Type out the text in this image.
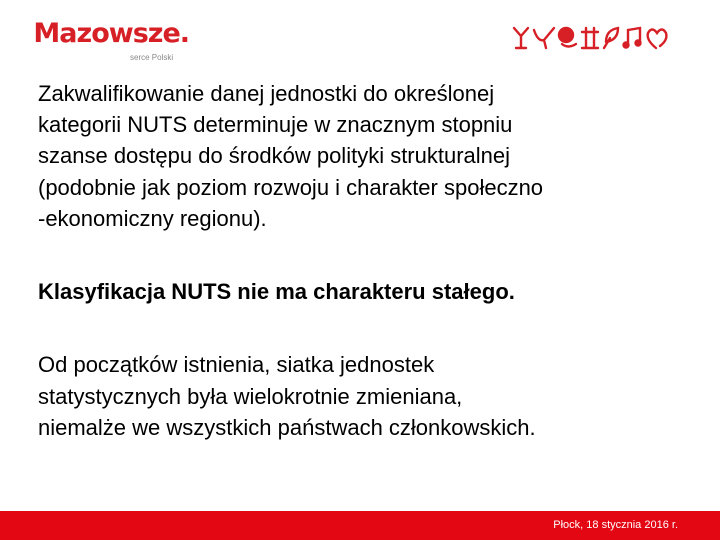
Mazowsze.
serce Polski

Zakwalifikowanie danej jednostki do określonej
kategorii NUTS determinuje w znacznym stopniu
szanse dostępu do środków polityki strukturalnej
(podobnie jak poziom rozwoju i charakter społeczno
-ekonomiczny regionu).

Klasyfikacja NUTS nie ma charakteru stałego.

Od początków istnienia, siatka jednostek
statystycznych była wielokrotnie zmieniana,
niemalże we wszystkich państwach członkowskich.

Płock, 18 stycznia 2016 r.
